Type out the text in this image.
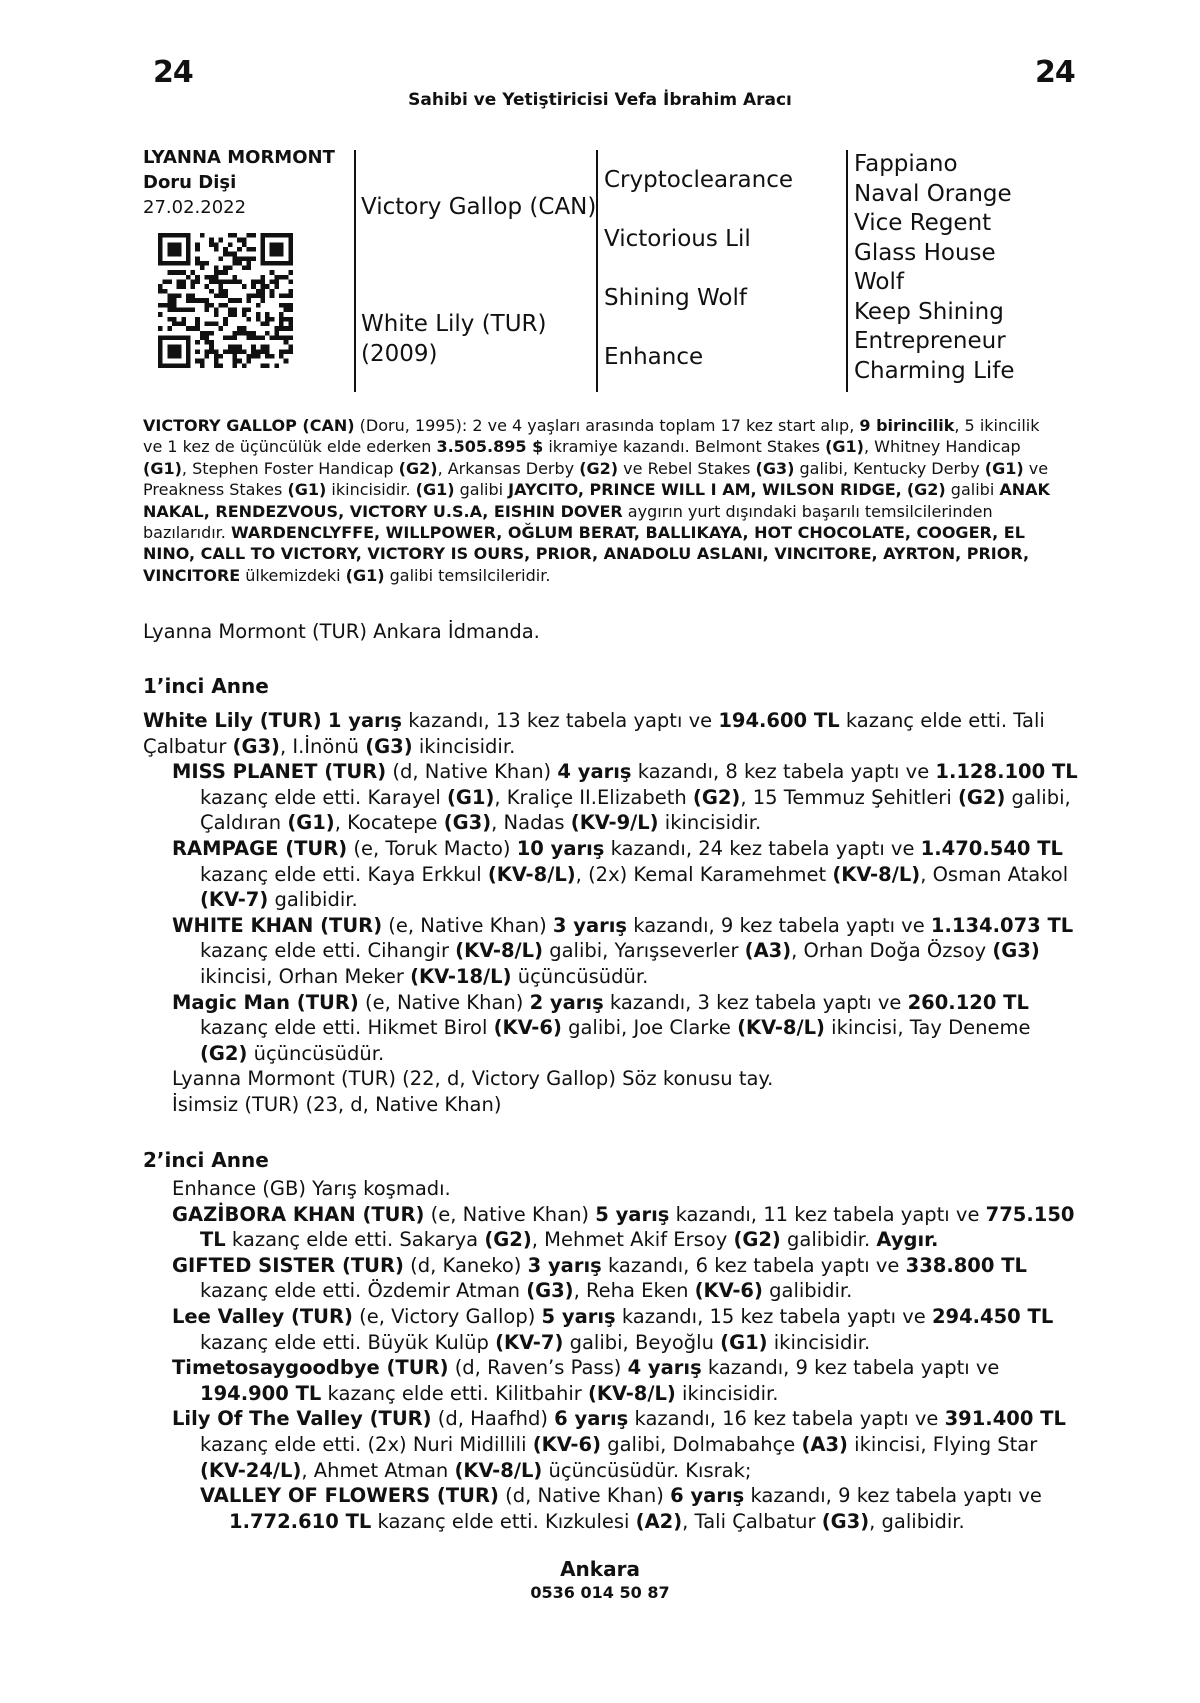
24	24
Sahibi ve Yetiştiricisi Vefa İbrahim Aracı
LYANNA MORMONT
Doru Dişi
27.02.2022	Victory Gallop (CAN)
White Lily (TUR)
(2009)
Cryptoclearance
Victorious Lil
Shining Wolf
Enhance
Fappiano
Naval Orange
Vice Regent
Glass House
Wolf
Keep Shining
Entrepreneur
Charming Life
VICTORY GALLOP (CAN) (Doru, 1995): 2 ve 4 yaşları arasında toplam 17 kez start alıp, 9 birincilik, 5 ikincilik ve 1 kez de üçüncülük elde ederken 3.505.895 $ ikramiye kazandı. Belmont Stakes (G1), Whitney Handicap (G1), Stephen Foster Handicap (G2), Arkansas Derby (G2) ve Rebel Stakes (G3) galibi, Kentucky Derby (G1) ve Preakness Stakes (G1) ikincisidir. (G1) galibi JAYCITO, PRINCE WILL I AM, WILSON RIDGE, (G2) galibi ANAK NAKAL, RENDEZVOUS, VICTORY U.S.A, EISHIN DOVER aygırın yurt dışındaki başarılı temsilcilerinden bazılarıdır. WARDENCLYFFE, WILLPOWER, OĞLUM BERAT, BALLIKAYA, HOT CHOCOLATE, COOGER, EL NINO, CALL TO VICTORY, VICTORY IS OURS, PRIOR, ANADOLU ASLANI, VINCITORE, AYRTON, PRIOR, VINCITORE ülkemizdeki (G1) galibi temsilcileridir.
Lyanna Mormont (TUR) Ankara İdmanda.
1’inci Anne

White Lily (TUR) 1 yarış kazandı, 13 kez tabela yaptı ve 194.600 TL kazanç elde etti. Tali Çalbatur (G3), I.İnönü (G3) ikincisidir.

MISS PLANET (TUR) (d, Native Khan) 4 yarış kazandı, 8 kez tabela yaptı ve 1.128.100 TL kazanç elde etti. Karayel (G1), Kraliçe II.Elizabeth (G2), 15 Temmuz Şehitleri (G2) galibi, Çaldıran (G1), Kocatepe (G3), Nadas (KV-9/L) ikincisidir.

RAMPAGE (TUR) (e, Toruk Macto) 10 yarış kazandı, 24 kez tabela yaptı ve 1.470.540 TL kazanç elde etti. Kaya Erkkul (KV-8/L), (2x) Kemal Karamehmet (KV-8/L), Osman Atakol (KV-7) galibidir.

WHITE KHAN (TUR) (e, Native Khan) 3 yarış kazandı, 9 kez tabela yaptı ve 1.134.073 TL kazanç elde etti. Cihangir (KV-8/L) galibi, Yarışseverler (A3), Orhan Doğa Özsoy (G3) ikincisi, Orhan Meker (KV-18/L) üçüncüsüdür.

Magic Man (TUR) (e, Native Khan) 2 yarış kazandı, 3 kez tabela yaptı ve 260.120 TL kazanç elde etti. Hikmet Birol (KV-6) galibi, Joe Clarke (KV-8/L) ikincisi, Tay Deneme (G2) üçüncüsüdür.

Lyanna Mormont (TUR) (22, d, Victory Gallop) Söz konusu tay.

İsimsiz (TUR) (23, d, Native Khan)

2’inci Anne

Enhance (GB) Yarış koşmadı.

GAZİBORA KHAN (TUR) (e, Native Khan) 5 yarış kazandı, 11 kez tabela yaptı ve 775.150 TL kazanç elde etti. Sakarya (G2), Mehmet Akif Ersoy (G2) galibidir. Aygır.

GIFTED SISTER (TUR) (d, Kaneko) 3 yarış kazandı, 6 kez tabela yaptı ve 338.800 TL kazanç elde etti. Özdemir Atman (G3), Reha Eken (KV-6) galibidir.

Lee Valley (TUR) (e, Victory Gallop) 5 yarış kazandı, 15 kez tabela yaptı ve 294.450 TL kazanç elde etti. Büyük Kulüp (KV-7) galibi, Beyoğlu (G1) ikincisidir.

Timetosaygoodbye (TUR) (d, Raven’s Pass) 4 yarış kazandı, 9 kez tabela yaptı ve 194.900 TL kazanç elde etti. Kilitbahir (KV-8/L) ikincisidir.

Lily Of The Valley (TUR) (d, Haafhd) 6 yarış kazandı, 16 kez tabela yaptı ve 391.400 TL kazanç elde etti. (2x) Nuri Midillili (KV-6) galibi, Dolmabahçe (A3) ikincisi, Flying Star (KV-24/L), Ahmet Atman (KV-8/L) üçüncüsüdür. Kısrak;

VALLEY OF FLOWERS (TUR) (d, Native Khan) 6 yarış kazandı, 9 kez tabela yaptı ve 1.772.610 TL kazanç elde etti. Kızkulesi (A2), Tali Çalbatur (G3), galibidir.

Ankara
0536 014 50 87
